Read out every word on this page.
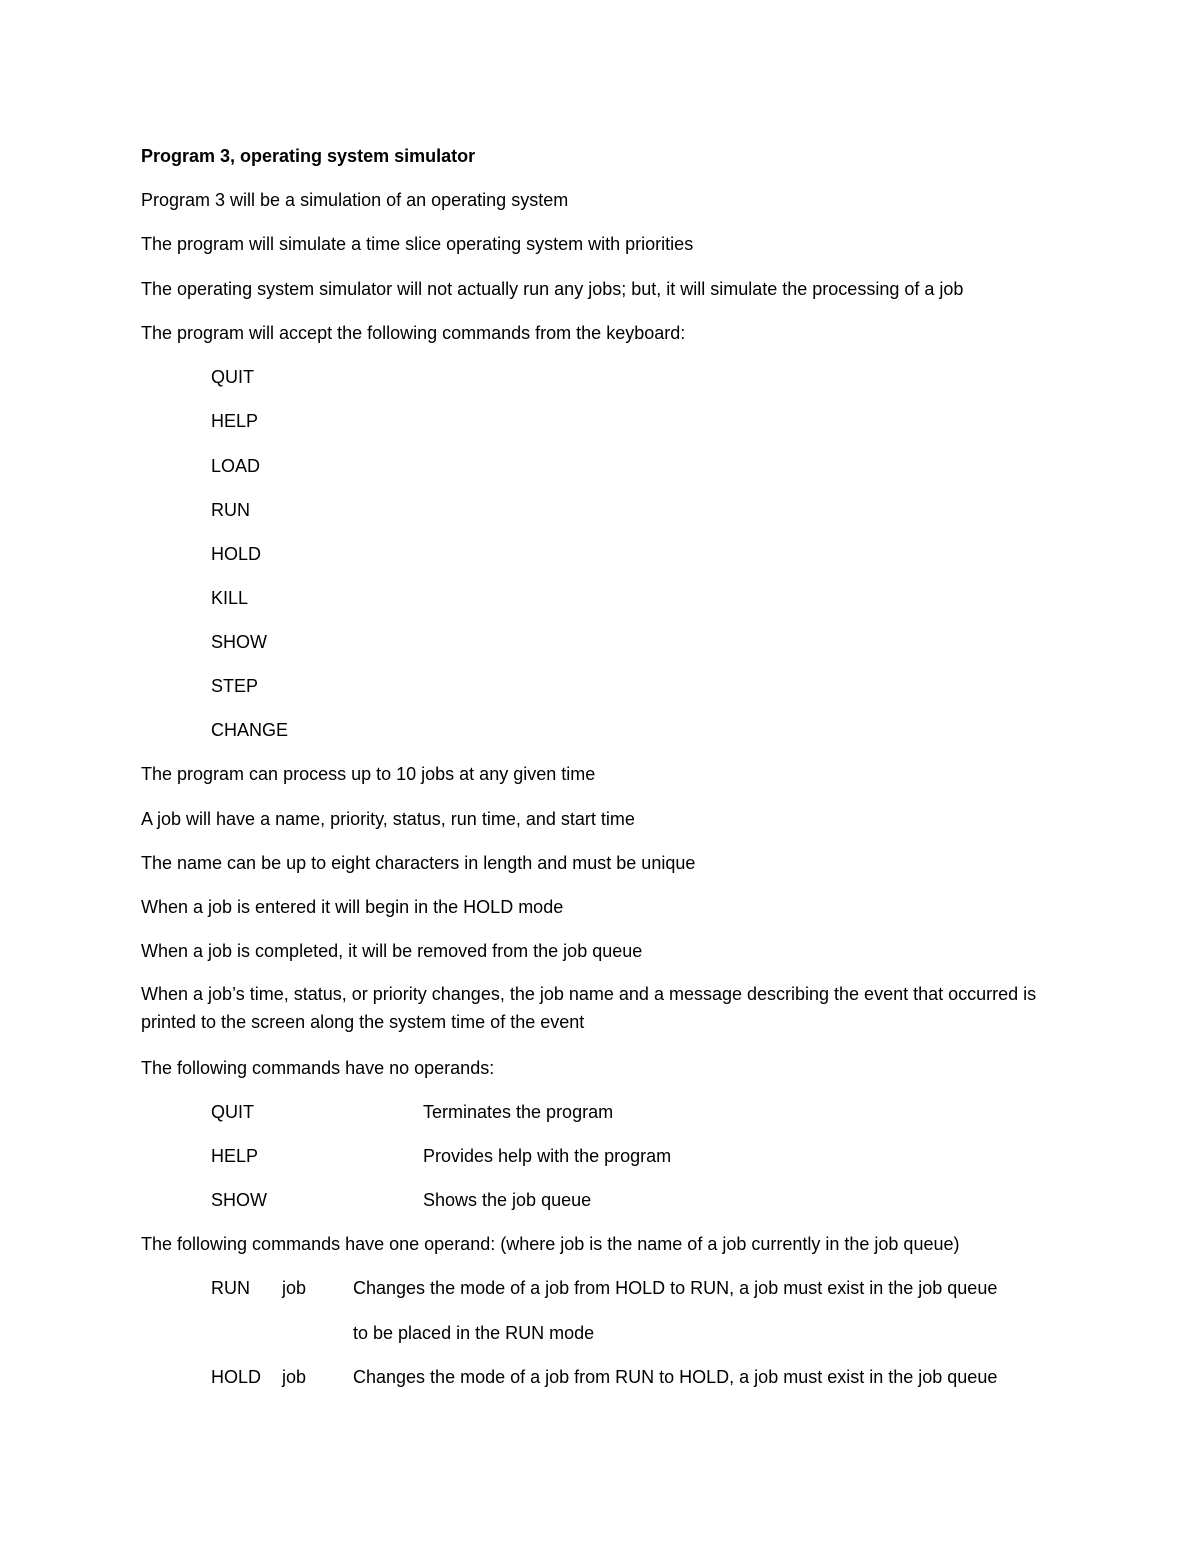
Program 3, operating system simulator
Program 3 will be a simulation of an operating system
The program will simulate a time slice operating system with priorities
The operating system simulator will not actually run any jobs; but, it will simulate the processing of a job
The program will accept the following commands from the keyboard:
QUIT
HELP
LOAD
RUN
HOLD
KILL
SHOW
STEP
CHANGE
The program can process up to 10 jobs at any given time
A job will have a name, priority, status, run time, and start time
The name can be up to eight characters in length and must be unique
When a job is entered it will begin in the HOLD mode
When a job is completed, it will be removed from the job queue
When a job’s time, status, or priority changes, the job name and a message describing the event that occurred is printed to the screen along the system time of the event
The following commands have no operands:
QUIT	Terminates the program
HELP	Provides help with the program
SHOW	Shows the job queue
The following commands have one operand: (where job is the name of a job currently in the job queue)
RUN job	Changes the mode of a job from HOLD to RUN, a job must exist in the job queue
to be placed in the RUN mode
HOLD job	Changes the mode of a job from RUN to HOLD, a job must exist in the job queue
